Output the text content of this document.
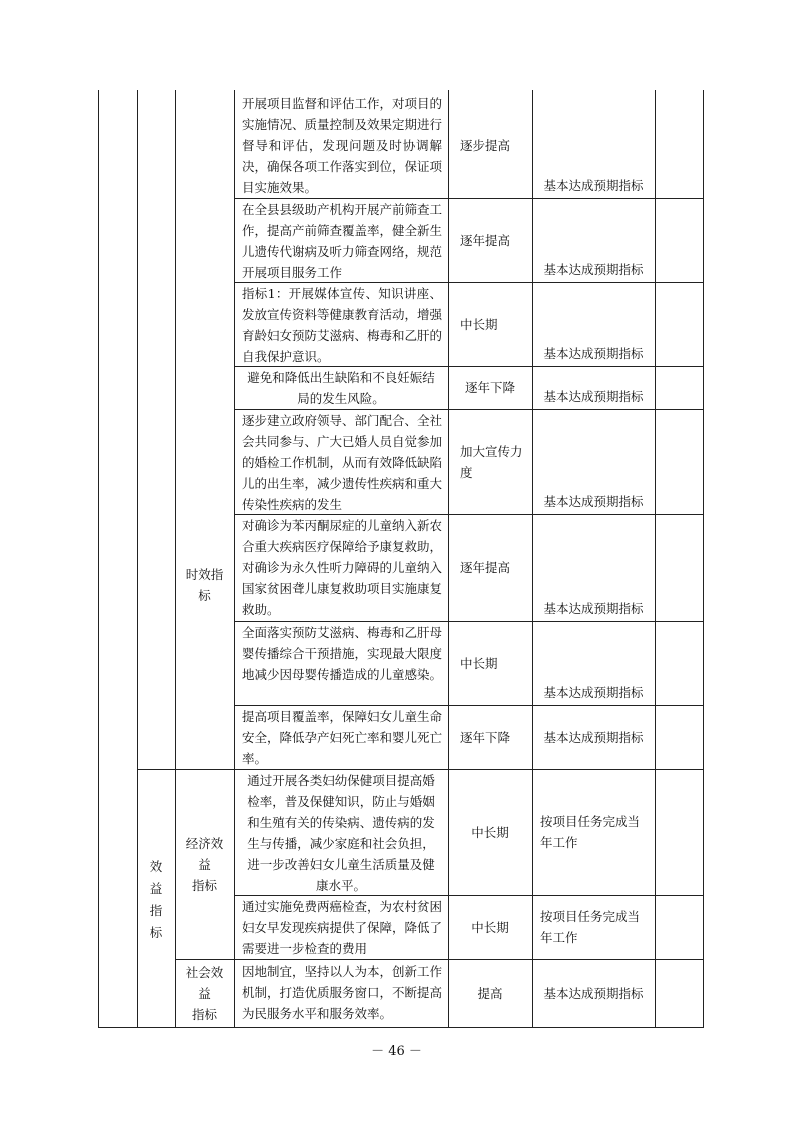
开展项目监督和评估工作，对项目的实施情况、质量控制及效果定期进行督导和评估，发现问题及时协调解决，确保各项工作落实到位，保证项目实施效果。
逐步提高
基本达成预期指标
在全县县级助产机构开展产前筛查工作，提高产前筛查覆盖率，健全新生儿遗传代谢病及听力筛查网络，规范开展项目服务工作
逐年提高
基本达成预期指标
指标1：开展媒体宣传、知识讲座、发放宣传资料等健康教育活动，增强育龄妇女预防艾滋病、梅毒和乙肝的自我保护意识。
中长期
基本达成预期指标
避免和降低出生缺陷和不良妊娠结局的发生风险。
逐年下降
基本达成预期指标
逐步建立政府领导、部门配合、全社会共同参与、广大已婚人员自觉参加的婚检工作机制，从而有效降低缺陷儿的出生率，减少遗传性疾病和重大传染性疾病的发生
加大宣传力度
基本达成预期指标
对确诊为苯丙酮尿症的儿童纳入新农合重大疾病医疗保障给予康复救助，对确诊为永久性听力障碍的儿童纳入国家贫困聋儿康复救助项目实施康复救助。
逐年提高
基本达成预期指标
全面落实预防艾滋病、梅毒和乙肝母婴传播综合干预措施，实现最大限度地减少因母婴传播造成的儿童感染。
中长期
基本达成预期指标
提高项目覆盖率，保障妇女儿童生命安全，降低孕产妇死亡率和婴儿死亡率。
逐年下降	基本达成预期指标
通过开展各类妇幼保健项目提高婚检率，普及保健知识，防止与婚姻和生殖有关的传染病、遗传病的发生与传播，减少家庭和社会负担，进一步改善妇女儿童生活质量及健康水平。
中长期
按项目任务完成当年工作
通过实施免费两癌检查，为农村贫困妇女早发现疾病提供了保障，降低了需要进一步检查的费用
中长期
按项目任务完成当年工作
因地制宜，坚持以人为本，创新工作机制，打造优质服务窗口，不断提高为民服务水平和服务效率。
提高	基本达成预期指标
时效指
标
效
益
指
标
经济效
益
指标
社会效
益
指标
－ 46 －
